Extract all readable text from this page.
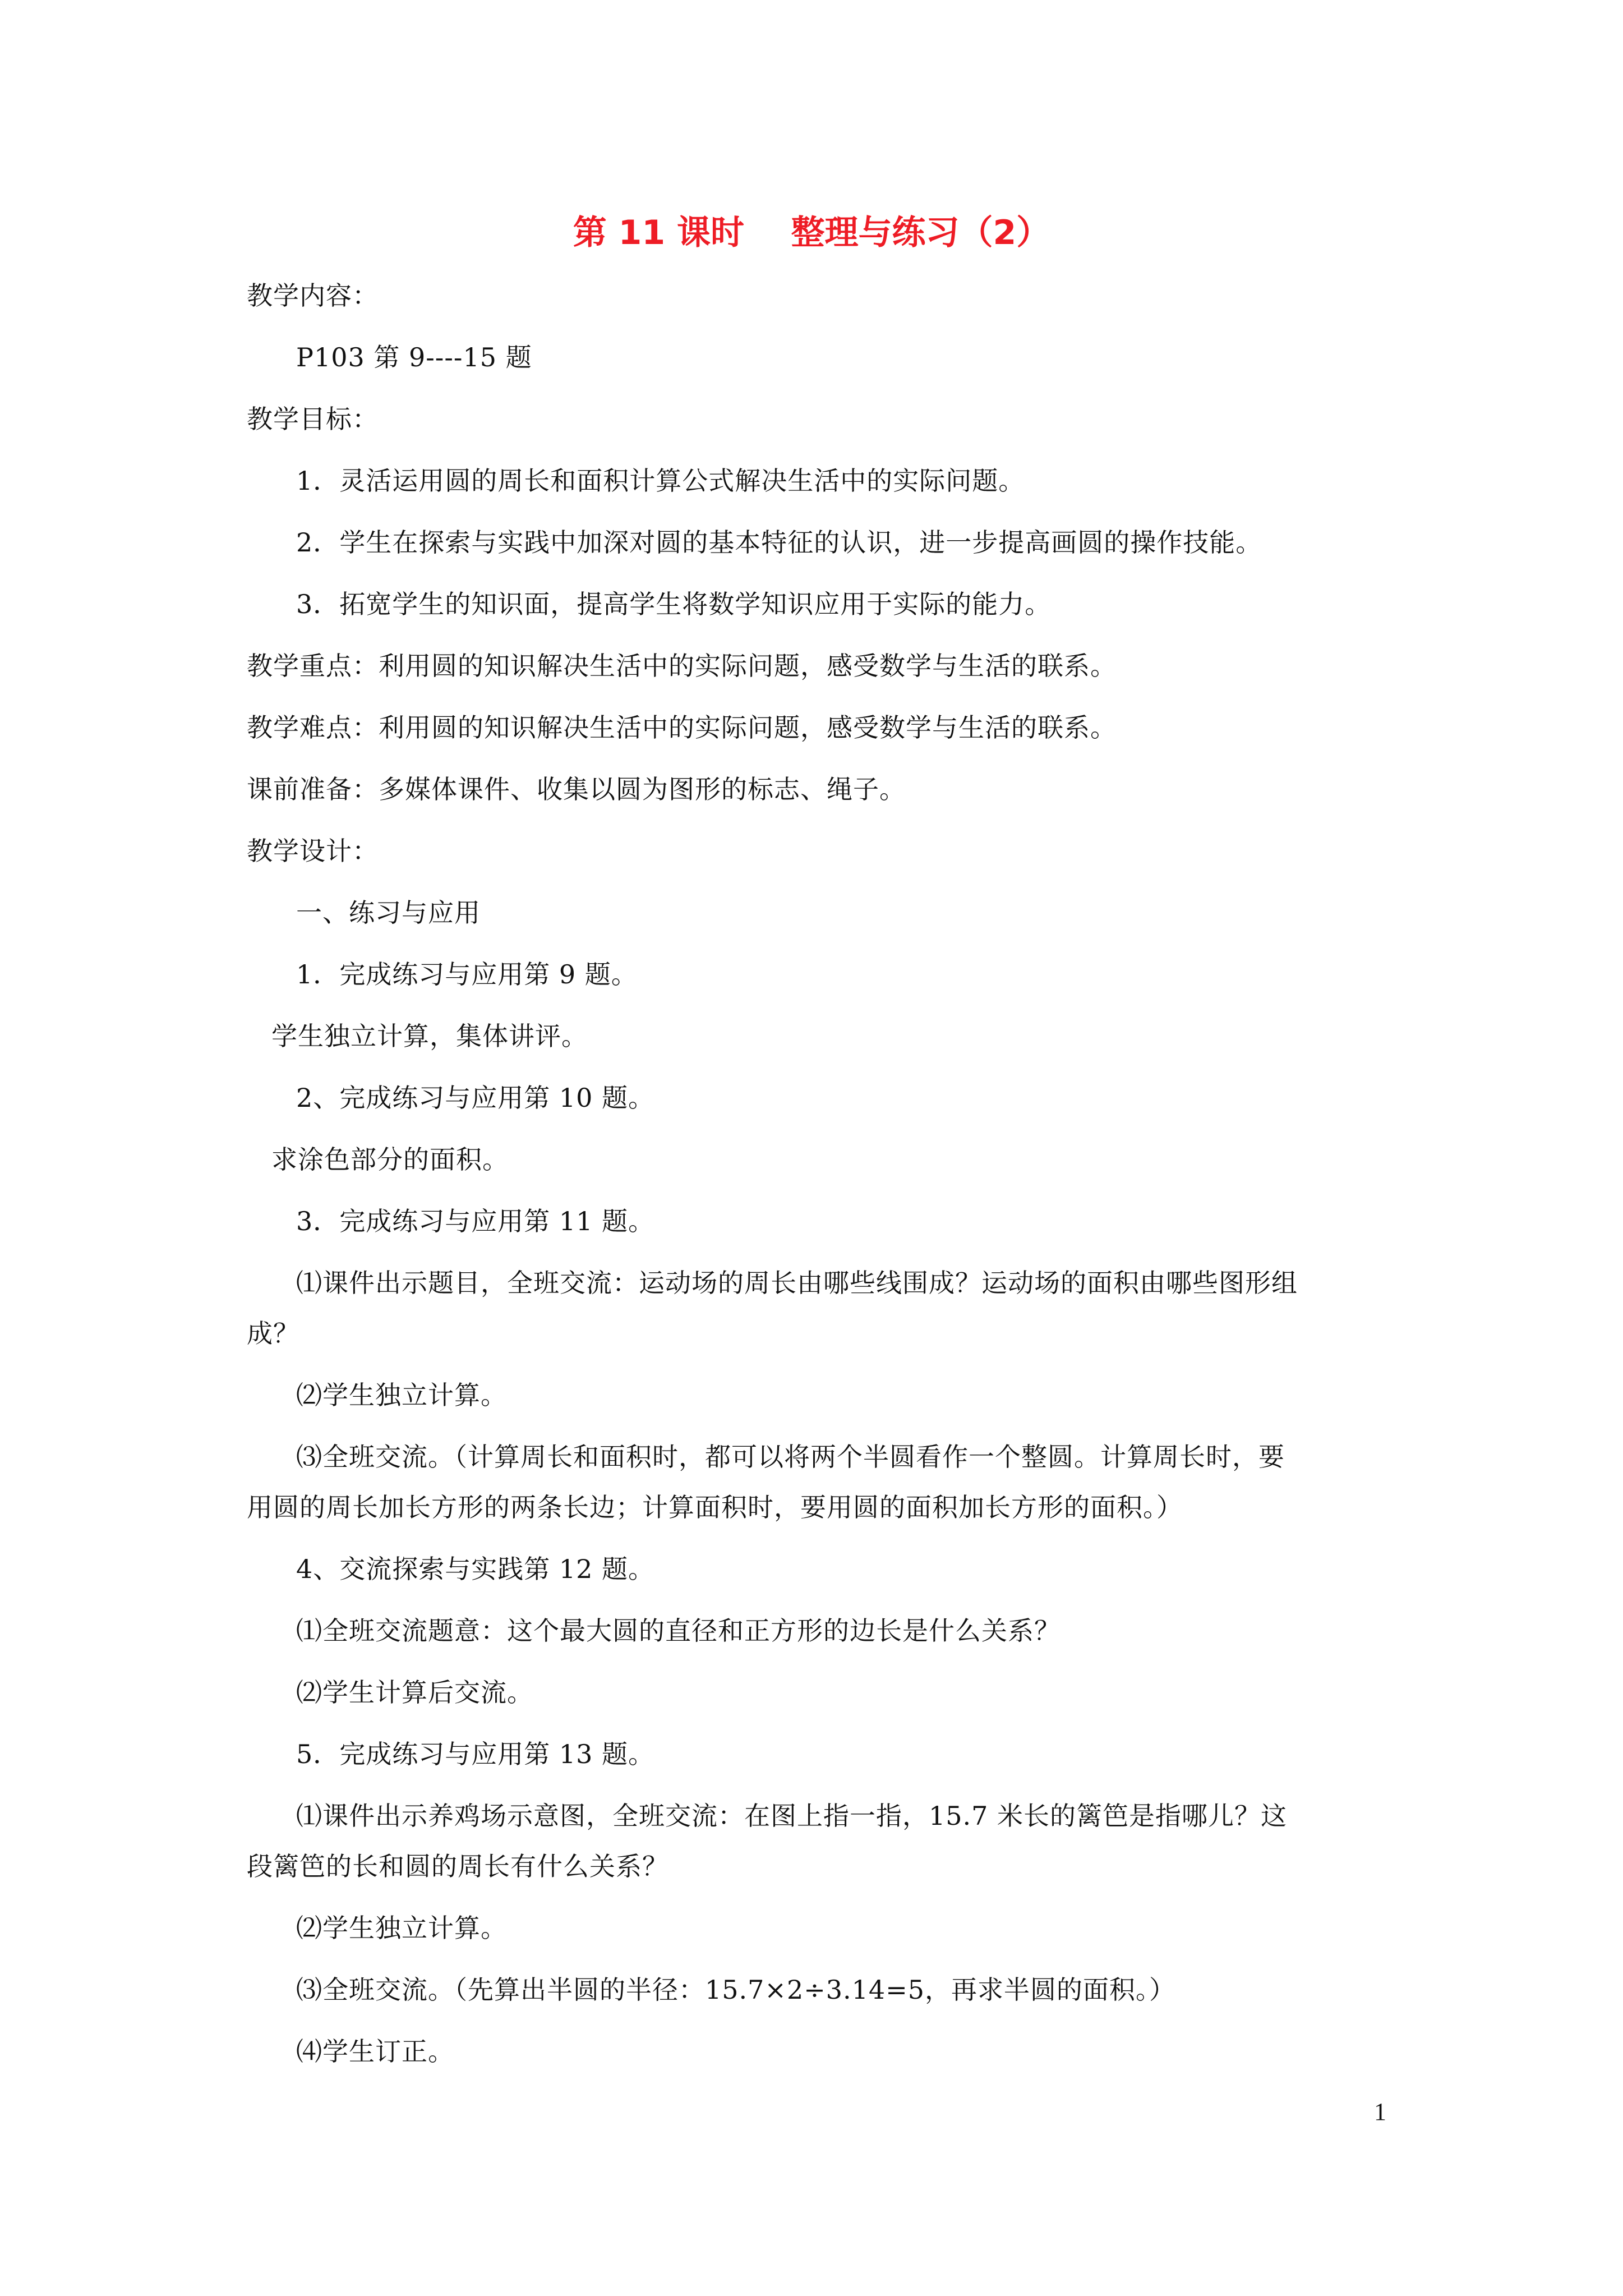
第 11 课时    整理与练习（2）
教学内容：
P103 第 9----15 题
教学目标：
1．灵活运用圆的周长和面积计算公式解决生活中的实际问题。
2．学生在探索与实践中加深对圆的基本特征的认识，进一步提高画圆的操作技能。
3．拓宽学生的知识面，提高学生将数学知识应用于实际的能力。
教学重点：利用圆的知识解决生活中的实际问题，感受数学与生活的联系。
教学难点：利用圆的知识解决生活中的实际问题，感受数学与生活的联系。
课前准备：多媒体课件、收集以圆为图形的标志、绳子。
教学设计：
一、练习与应用
1．完成练习与应用第 9 题。
学生独立计算，集体讲评。
2、完成练习与应用第 10 题。
求涂色部分的面积。
3．完成练习与应用第 11 题。
⑴课件出示题目，全班交流：运动场的周长由哪些线围成？运动场的面积由哪些图形组
成？
⑵学生独立计算。
⑶全班交流。（计算周长和面积时，都可以将两个半圆看作一个整圆。计算周长时，要
用圆的周长加长方形的两条长边；计算面积时，要用圆的面积加长方形的面积。）
4、交流探索与实践第 12 题。
⑴全班交流题意：这个最大圆的直径和正方形的边长是什么关系？
⑵学生计算后交流。
5．完成练习与应用第 13 题。
⑴课件出示养鸡场示意图，全班交流：在图上指一指，15.7 米长的篱笆是指哪儿？这
段篱笆的长和圆的周长有什么关系？
⑵学生独立计算。
⑶全班交流。（先算出半圆的半径：15.7×2÷3.14=5，再求半圆的面积。）
⑷学生订正。
1
